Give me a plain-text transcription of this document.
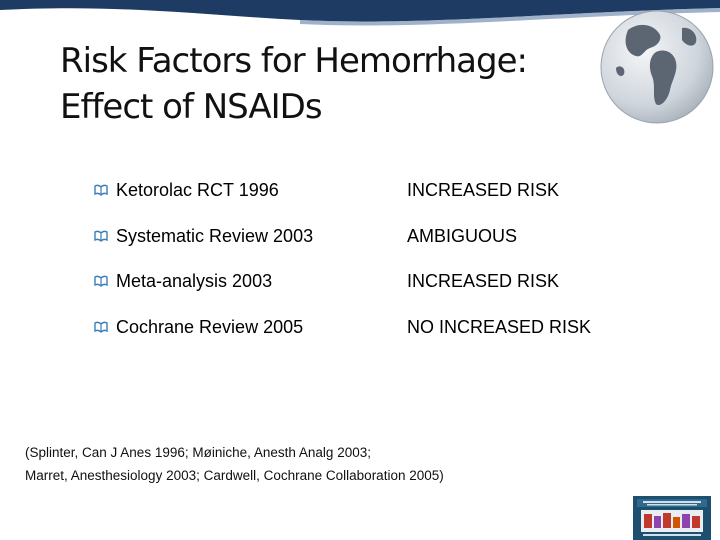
Risk Factors for Hemorrhage:
Effect of NSAIDs
Ketorolac RCT 1996	INCREASED RISK
Systematic Review 2003	AMBIGUOUS
Meta-analysis 2003	INCREASED RISK
Cochrane Review 2005	NO INCREASED RISK
(Splinter, Can J Anes 1996; Møiniche, Anesth Analg 2003;
Marret, Anesthesiology 2003; Cardwell, Cochrane Collaboration 2005)
